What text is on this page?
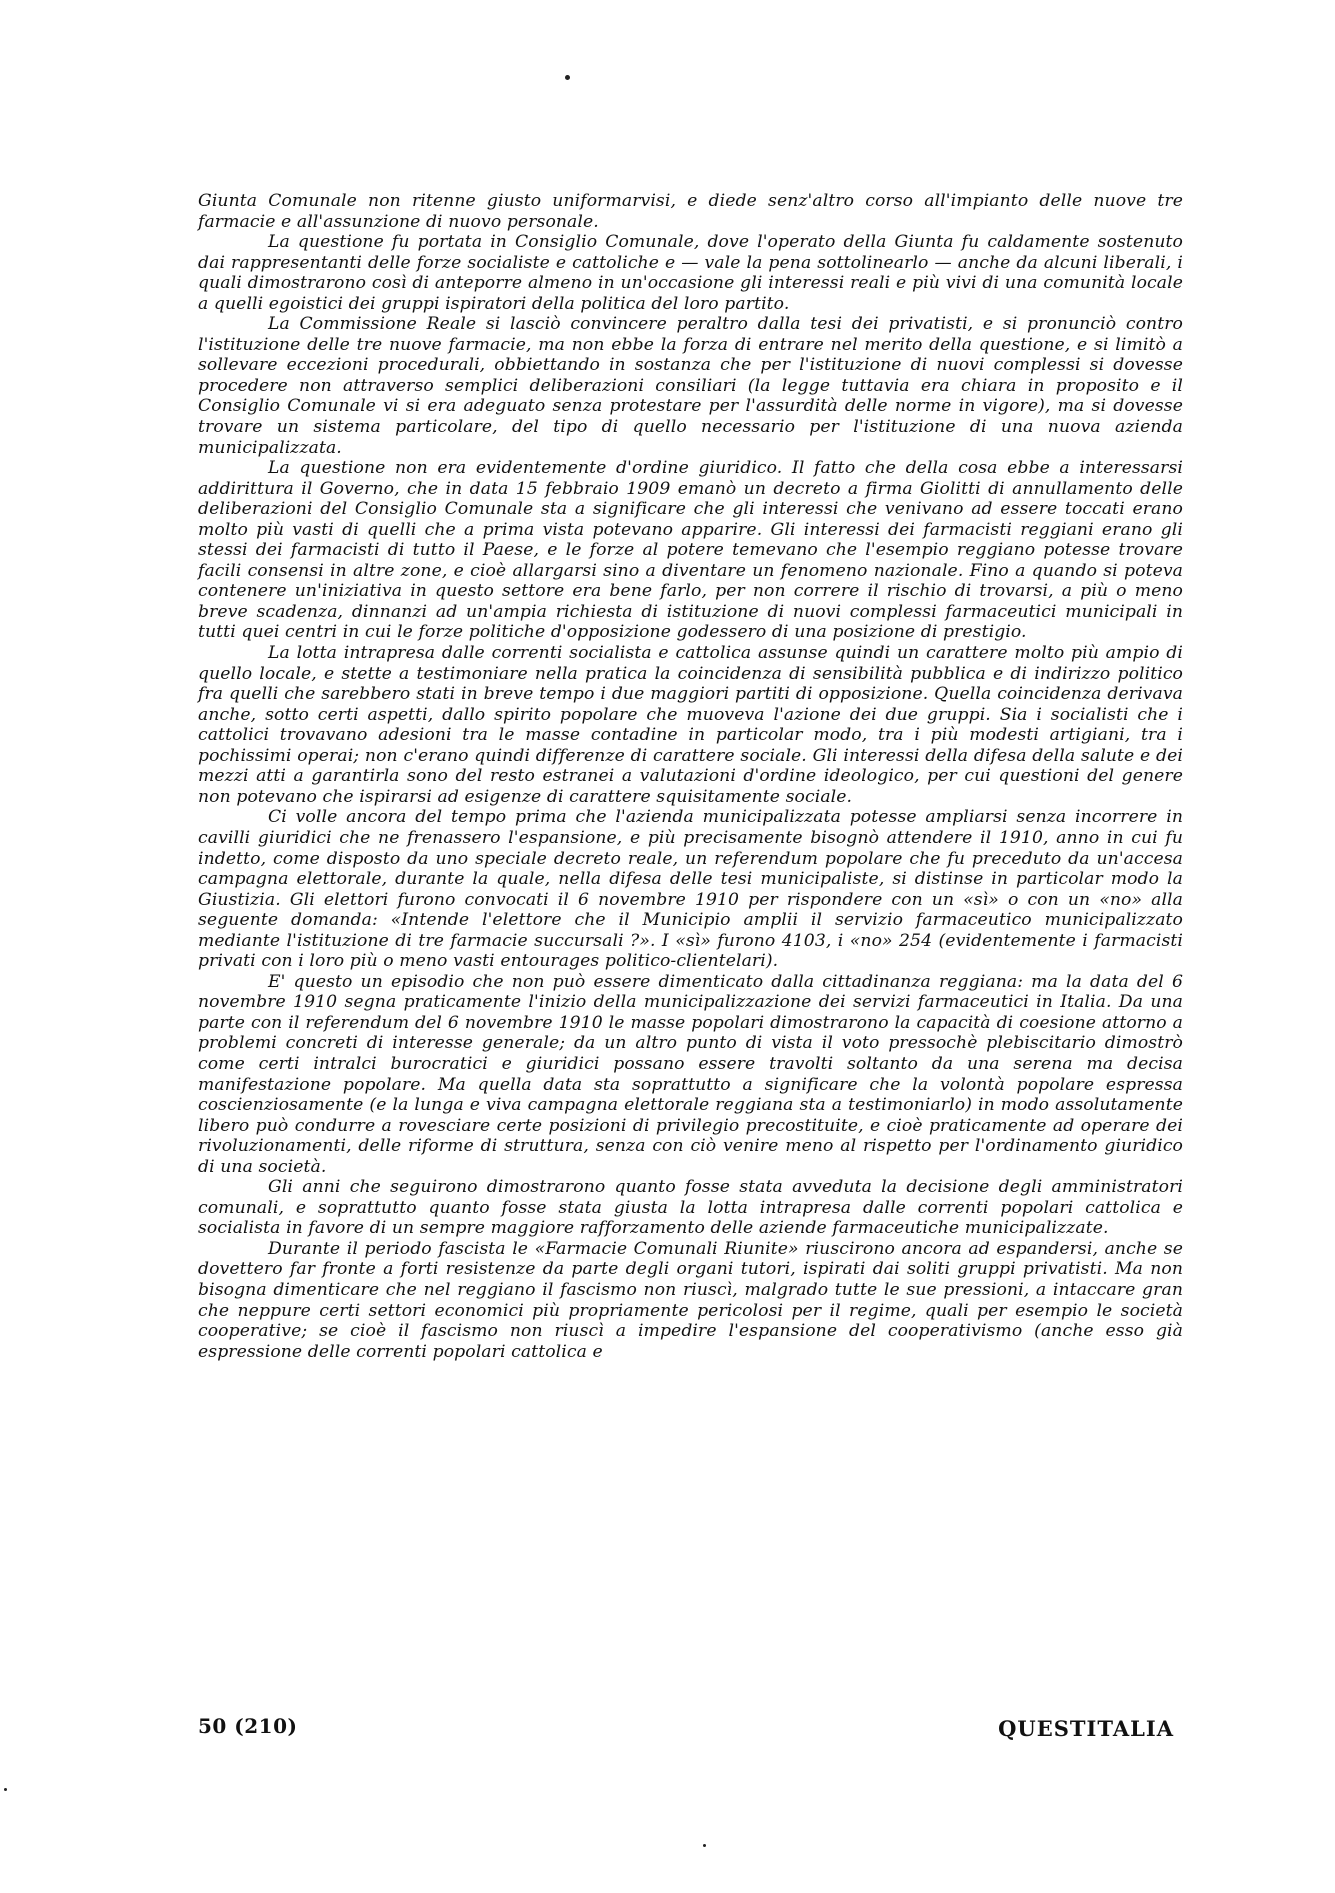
Giunta Comunale non ritenne giusto uniformarvisi, e diede senz'altro corso all'impianto delle nuove tre farmacie e all'assunzione di nuovo personale.

La questione fu portata in Consiglio Comunale, dove l'operato della Giunta fu caldamente sostenuto dai rappresentanti delle forze socialiste e cattoliche e — vale la pena sottolinearlo — anche da alcuni liberali, i quali dimostrarono così di anteporre almeno in un'occasione gli interessi reali e più vivi di una comunità locale a quelli egoistici dei gruppi ispiratori della politica del loro partito.

La Commissione Reale si lasciò convincere peraltro dalla tesi dei privatisti, e si pronunciò contro l'istituzione delle tre nuove farmacie, ma non ebbe la forza di entrare nel merito della questione, e si limitò a sollevare eccezioni procedurali, obbiettando in sostanza che per l'istituzione di nuovi complessi si dovesse procedere non attraverso semplici deliberazioni consiliari (la legge tuttavia era chiara in proposito e il Consiglio Comunale vi si era adeguato senza protestare per l'assurdità delle norme in vigore), ma si dovesse trovare un sistema particolare, del tipo di quello necessario per l'istituzione di una nuova azienda municipalizzata.

La questione non era evidentemente d'ordine giuridico. Il fatto che della cosa ebbe a interessarsi addirittura il Governo, che in data 15 febbraio 1909 emanò un decreto a firma Giolitti di annullamento delle deliberazioni del Consiglio Comunale sta a significare che gli interessi che venivano ad essere toccati erano molto più vasti di quelli che a prima vista potevano apparire. Gli interessi dei farmacisti reggiani erano gli stessi dei farmacisti di tutto il Paese, e le forze al potere temevano che l'esempio reggiano potesse trovare facili consensi in altre zone, e cioè allargarsi sino a diventare un fenomeno nazionale. Fino a quando si poteva contenere un'iniziativa in questo settore era bene farlo, per non correre il rischio di trovarsi, a più o meno breve scadenza, dinnanzi ad un'ampia richiesta di istituzione di nuovi complessi farmaceutici municipali in tutti quei centri in cui le forze politiche d'opposizione godessero di una posizione di prestigio.

La lotta intrapresa dalle correnti socialista e cattolica assunse quindi un carattere molto più ampio di quello locale, e stette a testimoniare nella pratica la coincidenza di sensibilità pubblica e di indirizzo politico fra quelli che sarebbero stati in breve tempo i due maggiori partiti di opposizione. Quella coincidenza derivava anche, sotto certi aspetti, dallo spirito popolare che muoveva l'azione dei due gruppi. Sia i socialisti che i cattolici trovavano adesioni tra le masse contadine in particolar modo, tra i più modesti artigiani, tra i pochissimi operai; non c'erano quindi differenze di carattere sociale. Gli interessi della difesa della salute e dei mezzi atti a garantirla sono del resto estranei a valutazioni d'ordine ideologico, per cui questioni del genere non potevano che ispirarsi ad esigenze di carattere squisitamente sociale.

Ci volle ancora del tempo prima che l'azienda municipalizzata potesse ampliarsi senza incorrere in cavilli giuridici che ne frenassero l'espansione, e più precisamente bisognò attendere il 1910, anno in cui fu indetto, come disposto da uno speciale decreto reale, un referendum popolare che fu preceduto da un'accesa campagna elettorale, durante la quale, nella difesa delle tesi municipaliste, si distinse in particolar modo la Giustizia. Gli elettori furono convocati il 6 novembre 1910 per rispondere con un «sì» o con un «no» alla seguente domanda: «Intende l'elettore che il Municipio amplii il servizio farmaceutico municipalizzato mediante l'istituzione di tre farmacie succursali ?». I «sì» furono 4103, i «no» 254 (evidentemente i farmacisti privati con i loro più o meno vasti entourages politico-clientelari).

E' questo un episodio che non può essere dimenticato dalla cittadinanza reggiana: ma la data del 6 novembre 1910 segna praticamente l'inizio della municipalizzazione dei servizi farmaceutici in Italia. Da una parte con il referendum del 6 novembre 1910 le masse popolari dimostrarono la capacità di coesione attorno a problemi concreti di interesse generale; da un altro punto di vista il voto pressochè plebiscitario dimostrò come certi intralci burocratici e giuridici possano essere travolti soltanto da una serena ma decisa manifestazione popolare. Ma quella data sta soprattutto a significare che la volontà popolare espressa coscienziosamente (e la lunga e viva campagna elettorale reggiana sta a testimoniarlo) in modo assolutamente libero può condurre a rovesciare certe posizioni di privilegio precostituite, e cioè praticamente ad operare dei rivoluzionamenti, delle riforme di struttura, senza con ciò venire meno al rispetto per l'ordinamento giuridico di una società.

Gli anni che seguirono dimostrarono quanto fosse stata avveduta la decisione degli amministratori comunali, e soprattutto quanto fosse stata giusta la lotta intrapresa dalle correnti popolari cattolica e socialista in favore di un sempre maggiore rafforzamento delle aziende farmaceutiche municipalizzate.

Durante il periodo fascista le «Farmacie Comunali Riunite» riuscirono ancora ad espandersi, anche se dovettero far fronte a forti resistenze da parte degli organi tutori, ispirati dai soliti gruppi privatisti. Ma non bisogna dimenticare che nel reggiano il fascismo non riuscì, malgrado tutte le sue pressioni, a intaccare gran che neppure certi settori economici più propriamente pericolosi per il regime, quali per esempio le società cooperative; se cioè il fascismo non riuscì a impedire l'espansione del cooperativismo (anche esso già espressione delle correnti popolari cattolica e

50 (210)	QUESTITALIA
